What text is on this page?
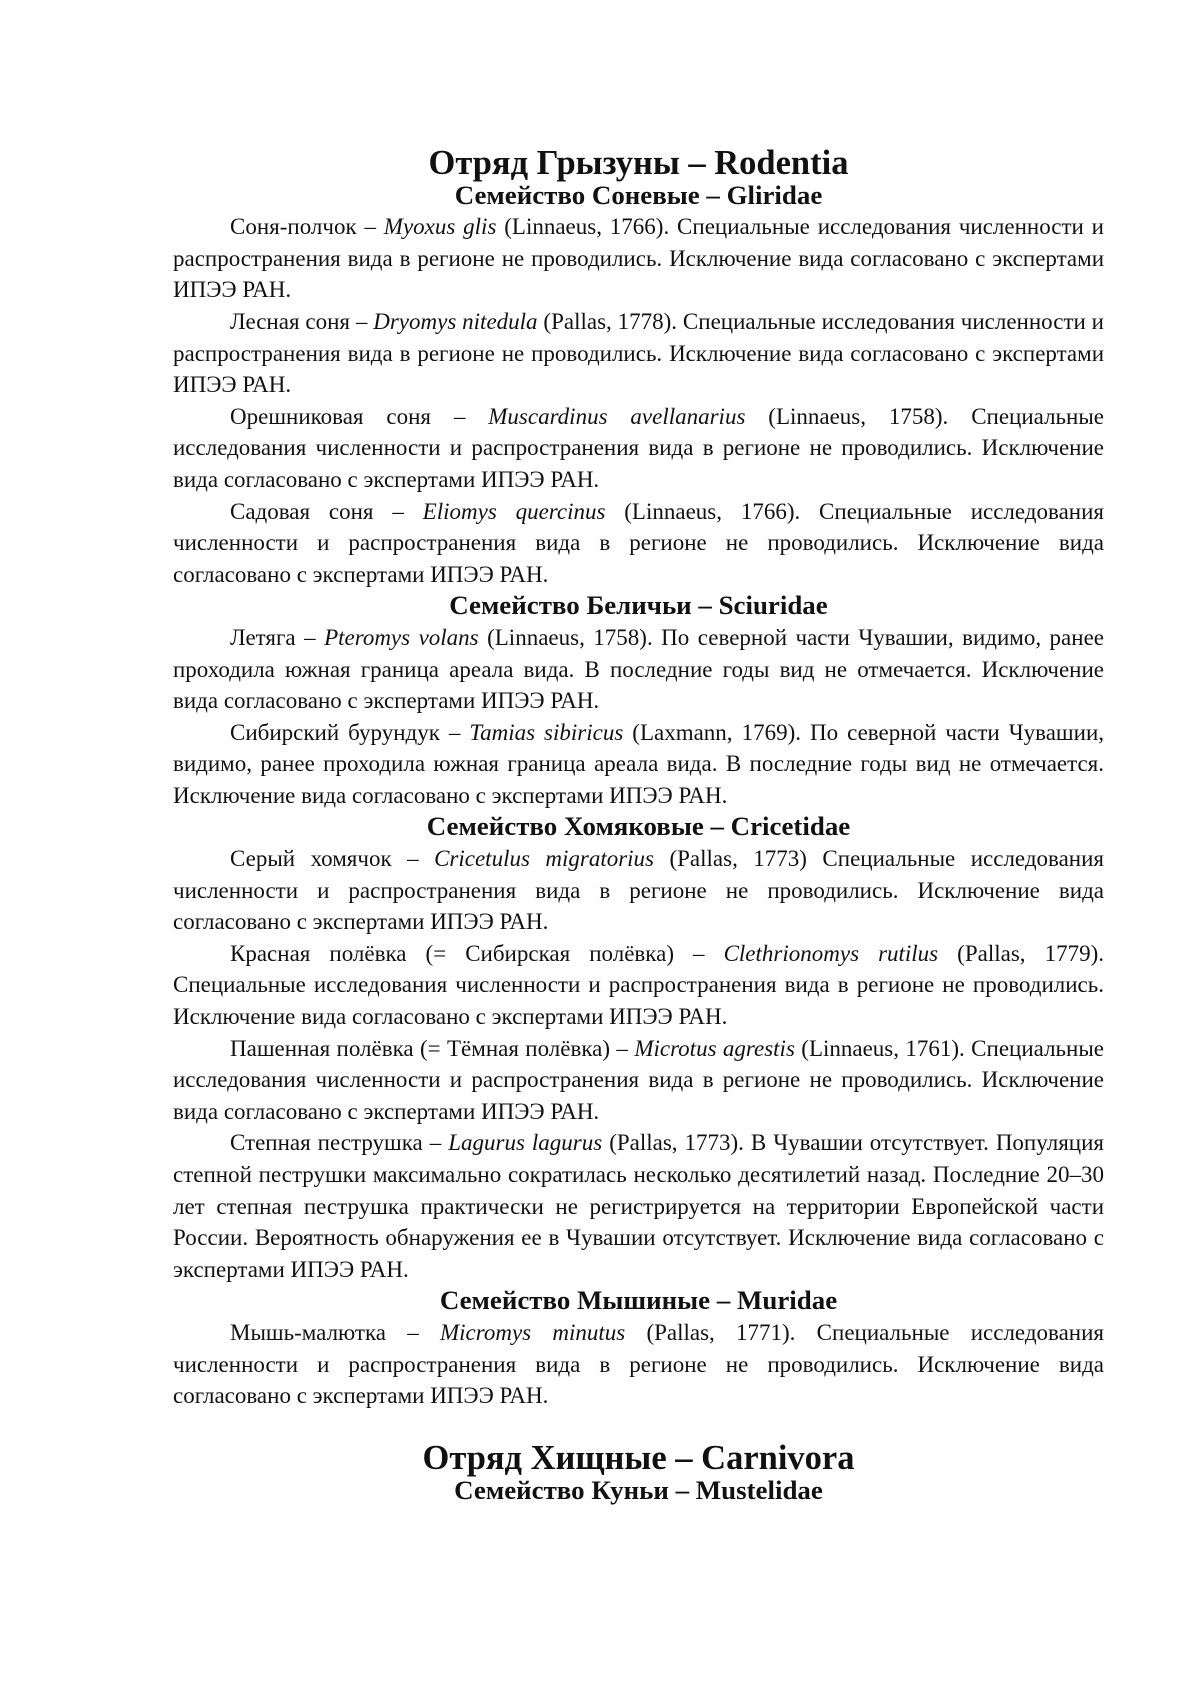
Отряд Грызуны – Rodentia
Семейство Соневые – Gliridae

Соня-полчок – Myoxus glis (Linnaeus, 1766). Специальные исследования численности и распространения вида в регионе не проводились. Исключение вида согласовано с экспертами ИПЭЭ РАН.

Лесная соня – Dryomys nitedula (Pallas, 1778). Специальные исследования численности и распространения вида в регионе не проводились. Исключение вида согласовано с экспертами ИПЭЭ РАН.

Орешниковая соня – Muscardinus avellanarius (Linnaeus, 1758). Специальные исследования численности и распространения вида в регионе не проводились. Исключение вида согласовано с экспертами ИПЭЭ РАН.

Садовая соня – Eliomys quercinus (Linnaeus, 1766). Специальные исследования численности и распространения вида в регионе не проводились. Исключение вида согласовано с экспертами ИПЭЭ РАН.

Семейство Беличьи – Sciuridae

Летяга – Pteromys volans (Linnaeus, 1758). По северной части Чувашии, видимо, ранее проходила южная граница ареала вида. В последние годы вид не отмечается. Исключение вида согласовано с экспертами ИПЭЭ РАН.

Сибирский бурундук – Tamias sibiricus (Laxmann, 1769). По северной части Чувашии, видимо, ранее проходила южная граница ареала вида. В последние годы вид не отмечается. Исключение вида согласовано с экспертами ИПЭЭ РАН.

Семейство Хомяковые – Cricetidae

Серый хомячок – Cricetulus migratorius (Pallas, 1773) Специальные исследования численности и распространения вида в регионе не проводились. Исключение вида согласовано с экспертами ИПЭЭ РАН.

Красная полёвка (= Сибирская полёвка) – Clethrionomys rutilus (Pallas, 1779). Специальные исследования численности и распространения вида в регионе не проводились. Исключение вида согласовано с экспертами ИПЭЭ РАН.

Пашенная полёвка (= Тёмная полёвка) – Microtus agrestis (Linnaeus, 1761). Специальные исследования численности и распространения вида в регионе не проводились. Исключение вида согласовано с экспертами ИПЭЭ РАН.

Степная пеструшка – Lagurus lagurus (Pallas, 1773). В Чувашии отсутствует. Популяция степной пеструшки максимально сократилась несколько десятилетий назад. Последние 20–30 лет степная пеструшка практически не регистрируется на территории Европейской части России. Вероятность обнаружения ее в Чувашии отсутствует. Исключение вида согласовано с экспертами ИПЭЭ РАН.

Семейство Мышиные – Muridae

Мышь-малютка – Micromys minutus (Pallas, 1771). Специальные исследования численности и распространения вида в регионе не проводились. Исключение вида согласовано с экспертами ИПЭЭ РАН.

Отряд Хищные – Carnivora
Семейство Куньи – Mustelidae
